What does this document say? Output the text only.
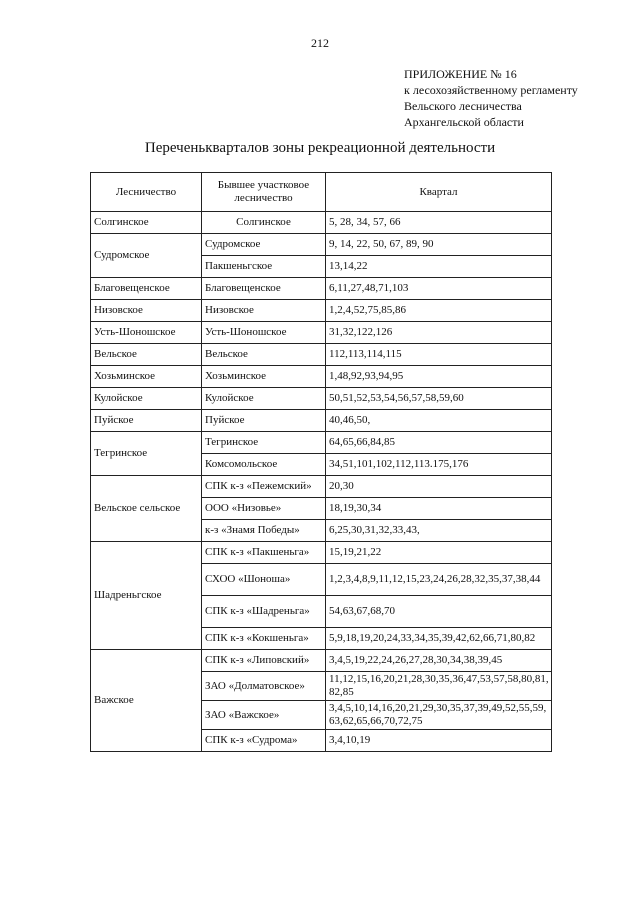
212
ПРИЛОЖЕНИЕ № 16
к лесохозяйственному регламенту
Вельского лесничества
Архангельской области
Переченькварталов зоны рекреационной деятельности
Лесничество	Бывшее участковое лесничество	Квартал
Солгинское	Солгинское	5, 28, 34, 57, 66
Судромское	Судромское	9, 14, 22, 50, 67, 89, 90
	Пакшеньгское	13,14,22
Благовещенское	Благовещенское	6,11,27,48,71,103
Низовское	Низовское	1,2,4,52,75,85,86
Усть-Шоношское	Усть-Шоношское	31,32,122,126
Вельское	Вельское	112,113,114,115
Хозьминское	Хозьминское	1,48,92,93,94,95
Кулойское	Кулойское	50,51,52,53,54,56,57,58,59,60
Пуйское	Пуйское	40,46,50,
Тегринское	Тегринское	64,65,66,84,85
	Комсомольское	34,51,101,102,112,113.175,176
Вельское сельское	СПК к-з «Пежемский»	20,30
	ООО «Низовье»	18,19,30,34
	к-з «Знамя Победы»	6,25,30,31,32,33,43,
Шадреньгское	СПК к-з «Пакшеньга»	15,19,21,22
	СХОО «Шоноша»	1,2,3,4,8,9,11,12,15,23,24,26,28,32,35,37,38,44
	СПК к-з «Шадреньга»	54,63,67,68,70
	СПК к-з «Кокшеньга»	5,9,18,19,20,24,33,34,35,39,42,62,66,71,80,82
Важское	СПК к-з «Липовский»	3,4,5,19,22,24,26,27,28,30,34,38,39,45
	ЗАО «Долматовское»	11,12,15,16,20,21,28,30,35,36,47,53,57,58,80,81, 82,85
	ЗАО «Важское»	3,4,5,10,14,16,20,21,29,30,35,37,39,49,52,55,59, 63,62,65,66,70,72,75
	СПК к-з «Судрома»	3,4,10,19
